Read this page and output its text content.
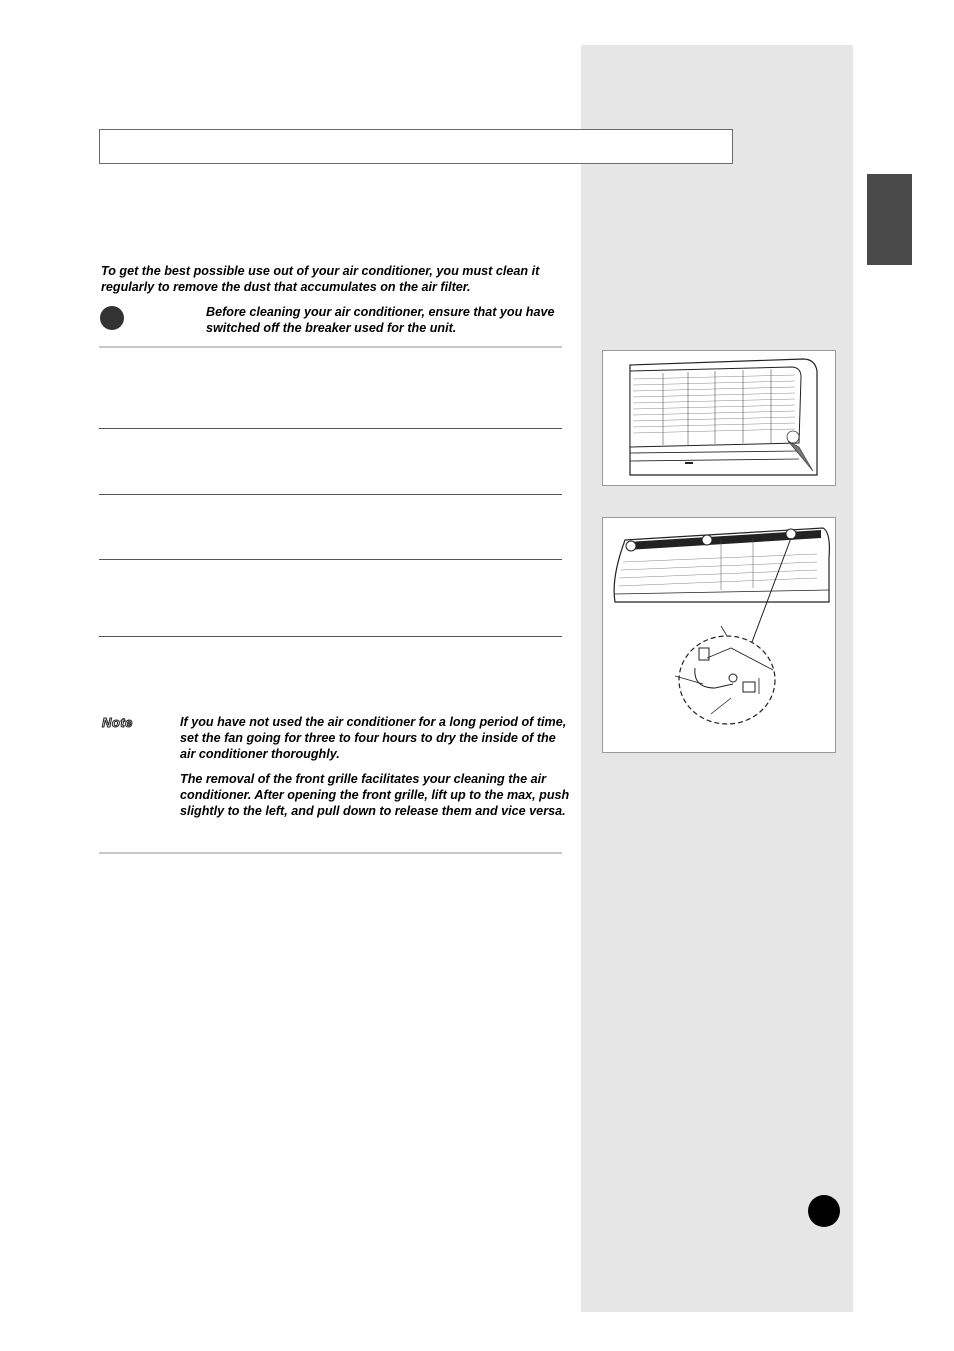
To get the best possible use out of your air conditioner, you must clean it regularly to remove the dust that accumulates on the air filter.
Before cleaning your air conditioner, ensure that you have switched off the breaker used for the unit.
Note	If you have not used the air conditioner for a long period of time, set the fan going for three to four hours to dry the inside of the air conditioner thoroughly.

The removal of the front grille facilitates your cleaning the air conditioner. After opening the front grille, lift up to the max, push slightly to the left, and pull down to release them and vice versa.
